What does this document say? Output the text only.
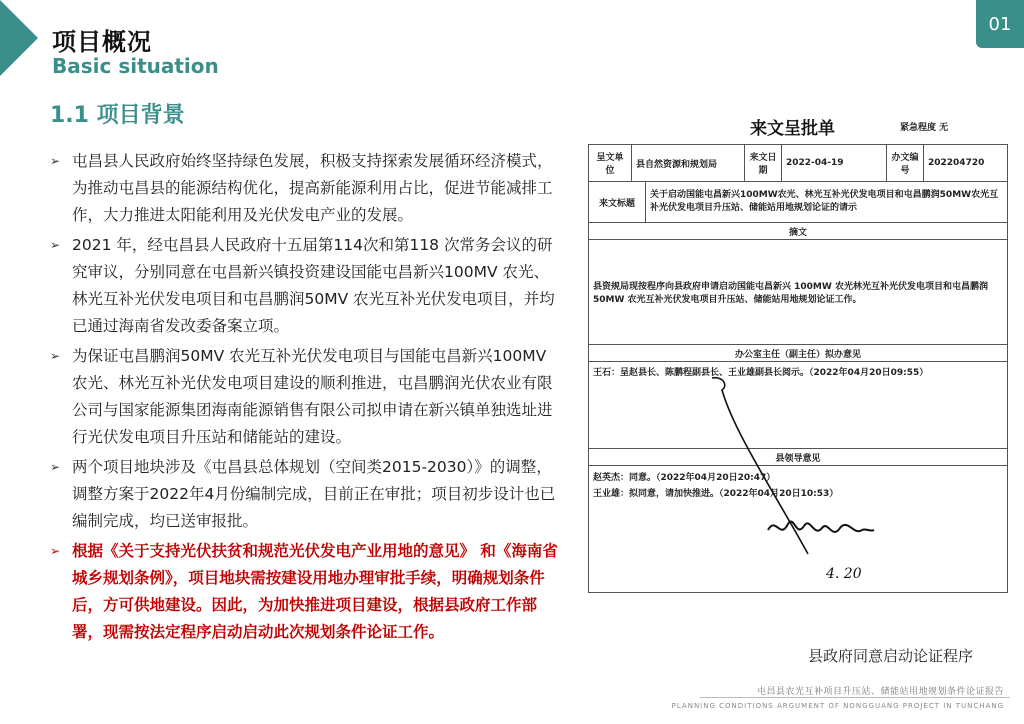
项目概况
Basic situation
01
1.1 项目背景
➢ 屯昌县人民政府始终坚持绿色发展，积极支持探索发展循环经济模式，为推动屯昌县的能源结构优化，提高新能源利用占比，促进节能减排工作，大力推进太阳能利用及光伏发电产业的发展。
➢ 2021 年，经屯昌县人民政府十五届第114次和第118 次常务会议的研究审议，分别同意在屯昌新兴镇投资建设国能屯昌新兴100MV 农光、林光互补光伏发电项目和屯昌鹏润50MV 农光互补光伏发电项目，并均已通过海南省发改委备案立项。
➢ 为保证屯昌鹏润50MV 农光互补光伏发电项目与国能屯昌新兴100MV 农光、林光互补光伏发电项目建设的顺利推进，屯昌鹏润光伏农业有限公司与国家能源集团海南能源销售有限公司拟申请在新兴镇单独选址进行光伏发电项目升压站和储能站的建设。
➢ 两个项目地块涉及《屯昌县总体规划（空间类2015-2030）》的调整，调整方案于2022年4月份编制完成，目前正在审批；项目初步设计也已编制完成，均已送审报批。
➢ 根据《关于支持光伏扶贫和规范光伏发电产业用地的意见》 和《海南省城乡规划条例》，项目地块需按建设用地办理审批手续，明确规划条件后，方可供地建设。因此，为加快推进项目建设，根据县政府工作部署，现需按法定程序启动启动此次规划条件论证工作。
来文呈批单	紧急程度 无
呈文单位
县自然资源和规划局
来文日期
2022-04-19	办文编号
202204720
来文标题
关于启动国能屯昌新兴100MW农光、林光互补光伏发电项目和屯昌鹏润50MW农光互补光伏发电项目升压站、储能站用地规划论证的请示
摘文
县资规局现按程序向县政府申请启动国能屯昌新兴 100MW 农光林光互补光伏发电项目和屯昌鹏润 50MW 农光互补光伏发电项目升压站、储能站用地规划论证工作。
办公室主任（副主任）拟办意见
王石：呈赵县长、陈鹏程副县长、王业雄副县长阅示。（2022年04月20日09:55）
县领导意见
赵英杰：同意。（2022年04月20日20:47）
王业雄：拟同意，请加快推进。（2022年04月20日10:53）
4. 20
县政府同意启动论证程序
屯昌县农光互补项目升压站、储能站用地规划条件论证报告
PLANNING CONDITIONS ARGUMENT OF NONGGUANG PROJECT IN TUNCHANG
